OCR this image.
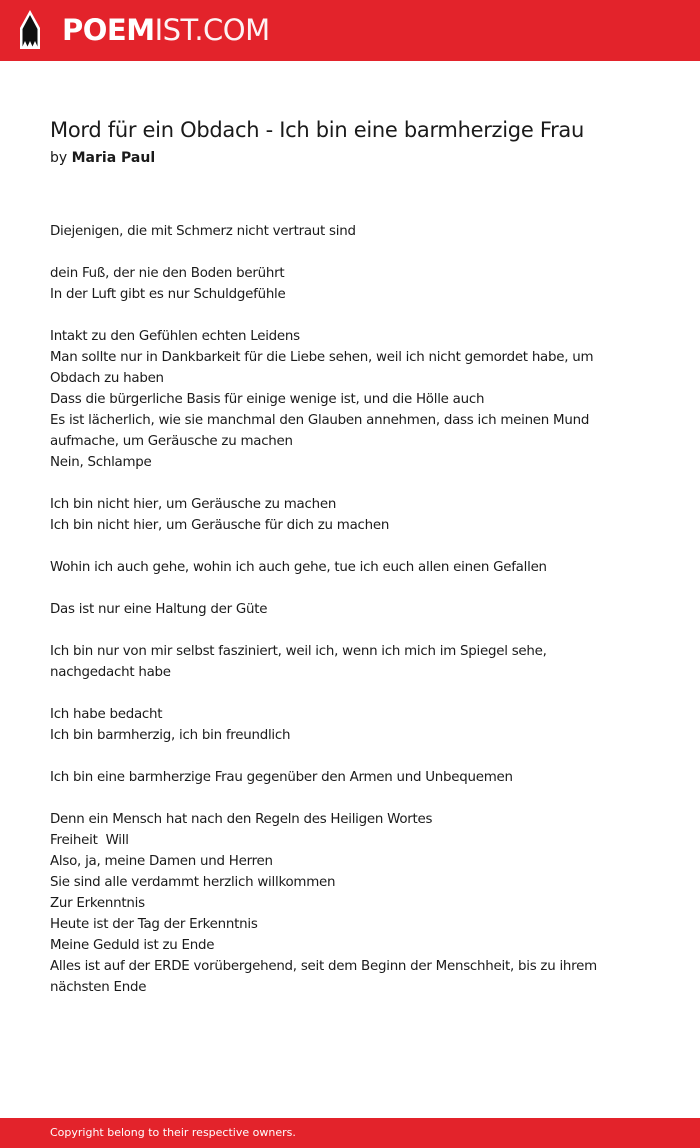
POEMIST.COM
Mord für ein Obdach - Ich bin eine barmherzige Frau
by Maria Paul

Diejenigen, die mit Schmerz nicht vertraut sind

dein Fuß, der nie den Boden berührt
In der Luft gibt es nur Schuldgefühle

Intakt zu den Gefühlen echten Leidens
Man sollte nur in Dankbarkeit für die Liebe sehen, weil ich nicht gemordet habe, um Obdach zu haben
Dass die bürgerliche Basis für einige wenige ist, und die Hölle auch
Es ist lächerlich, wie sie manchmal den Glauben annehmen, dass ich meinen Mund aufmache, um Geräusche zu machen
Nein, Schlampe

Ich bin nicht hier, um Geräusche zu machen
Ich bin nicht hier, um Geräusche für dich zu machen

Wohin ich auch gehe, wohin ich auch gehe, tue ich euch allen einen Gefallen

Das ist nur eine Haltung der Güte

Ich bin nur von mir selbst fasziniert, weil ich, wenn ich mich im Spiegel sehe, nachgedacht habe

Ich habe bedacht
Ich bin barmherzig, ich bin freundlich

Ich bin eine barmherzige Frau gegenüber den Armen und Unbequemen

Denn ein Mensch hat nach den Regeln des Heiligen Wortes
Freiheit  Will
Also, ja, meine Damen und Herren
Sie sind alle verdammt herzlich willkommen
Zur Erkenntnis
Heute ist der Tag der Erkenntnis
Meine Geduld ist zu Ende
Alles ist auf der ERDE vorübergehend, seit dem Beginn der Menschheit, bis zu ihrem nächsten Ende

Copyright belong to their respective owners.
